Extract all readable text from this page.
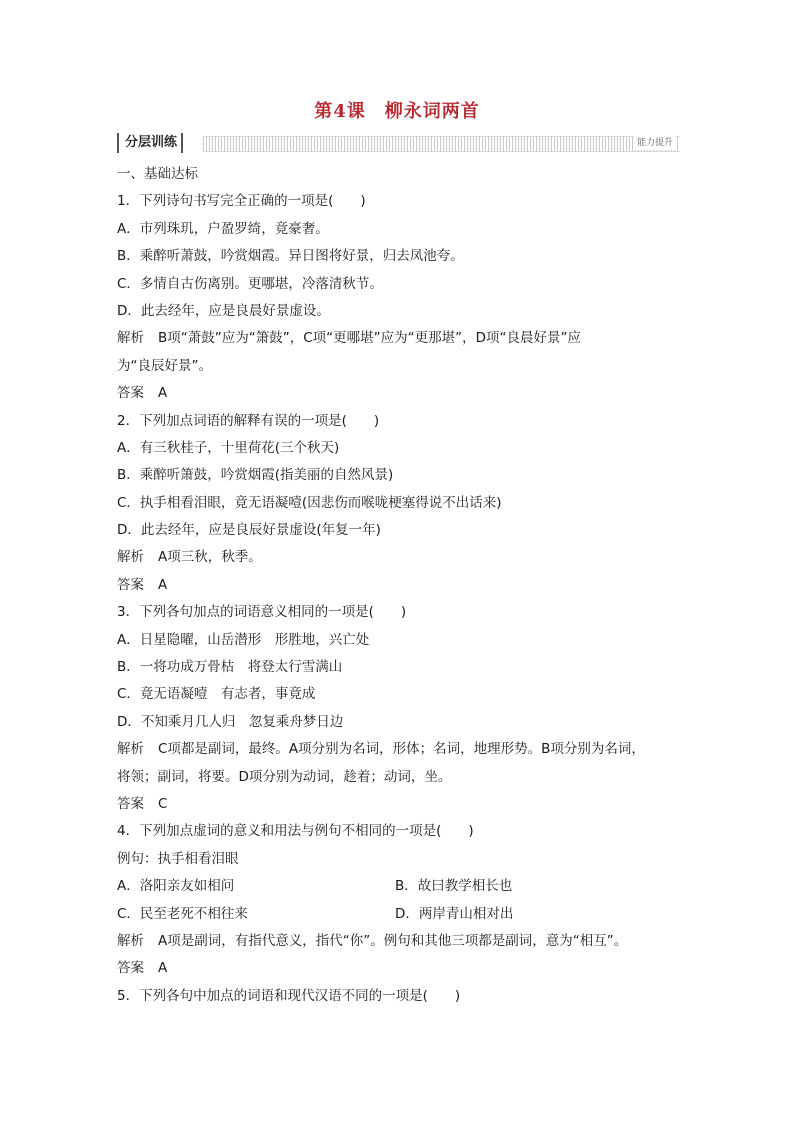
第4课　柳永词两首
分层训练	能力提升
一、基础达标
1．下列诗句书写完全正确的一项是(　　)
A．市列珠玑，户盈罗绮，竟豪奢。
B．乘醉听萧鼓，吟赏烟霞。异日图将好景，归去凤池夸。
C．多情自古伤离别。更哪堪，冷落清秋节。
D．此去经年，应是良晨好景虚设。
解析 B项“萧鼓”应为“箫鼓”，C项“更哪堪”应为“更那堪”，D项“良晨好景”应
为“良辰好景”。
答案 A
2．下列加点词语的解释有误的一项是(　　)
A．有三秋桂子，十里荷花(三个秋天)
B．乘醉听箫鼓，吟赏烟霞(指美丽的自然风景)
C．执手相看泪眼，竟无语凝噎(因悲伤而喉咙梗塞得说不出话来)
D．此去经年，应是良辰好景虚设(年复一年)
解析 A项三秋，秋季。
答案 A
3．下列各句加点的词语意义相同的一项是(　　)
A．日星隐曜，山岳潜形　形胜地，兴亡处
B．一将功成万骨枯　将登太行雪满山
C．竟无语凝噎　有志者，事竟成
D．不知乘月几人归　忽复乘舟梦日边
解析 C项都是副词，最终。A项分别为名词，形体；名词，地理形势。B项分别为名词，
将领；副词，将要。D项分别为动词，趁着；动词，坐。
答案 C
4．下列加点虚词的意义和用法与例句不相同的一项是(　　)
例句：执手相看泪眼
A．洛阳亲友如相问	B．故曰教学相长也
C．民至老死不相往来	D．两岸青山相对出
解析 A项是副词，有指代意义，指代“你”。例句和其他三项都是副词，意为“相互”。
答案 A
5．下列各句中加点的词语和现代汉语不同的一项是(　　)
